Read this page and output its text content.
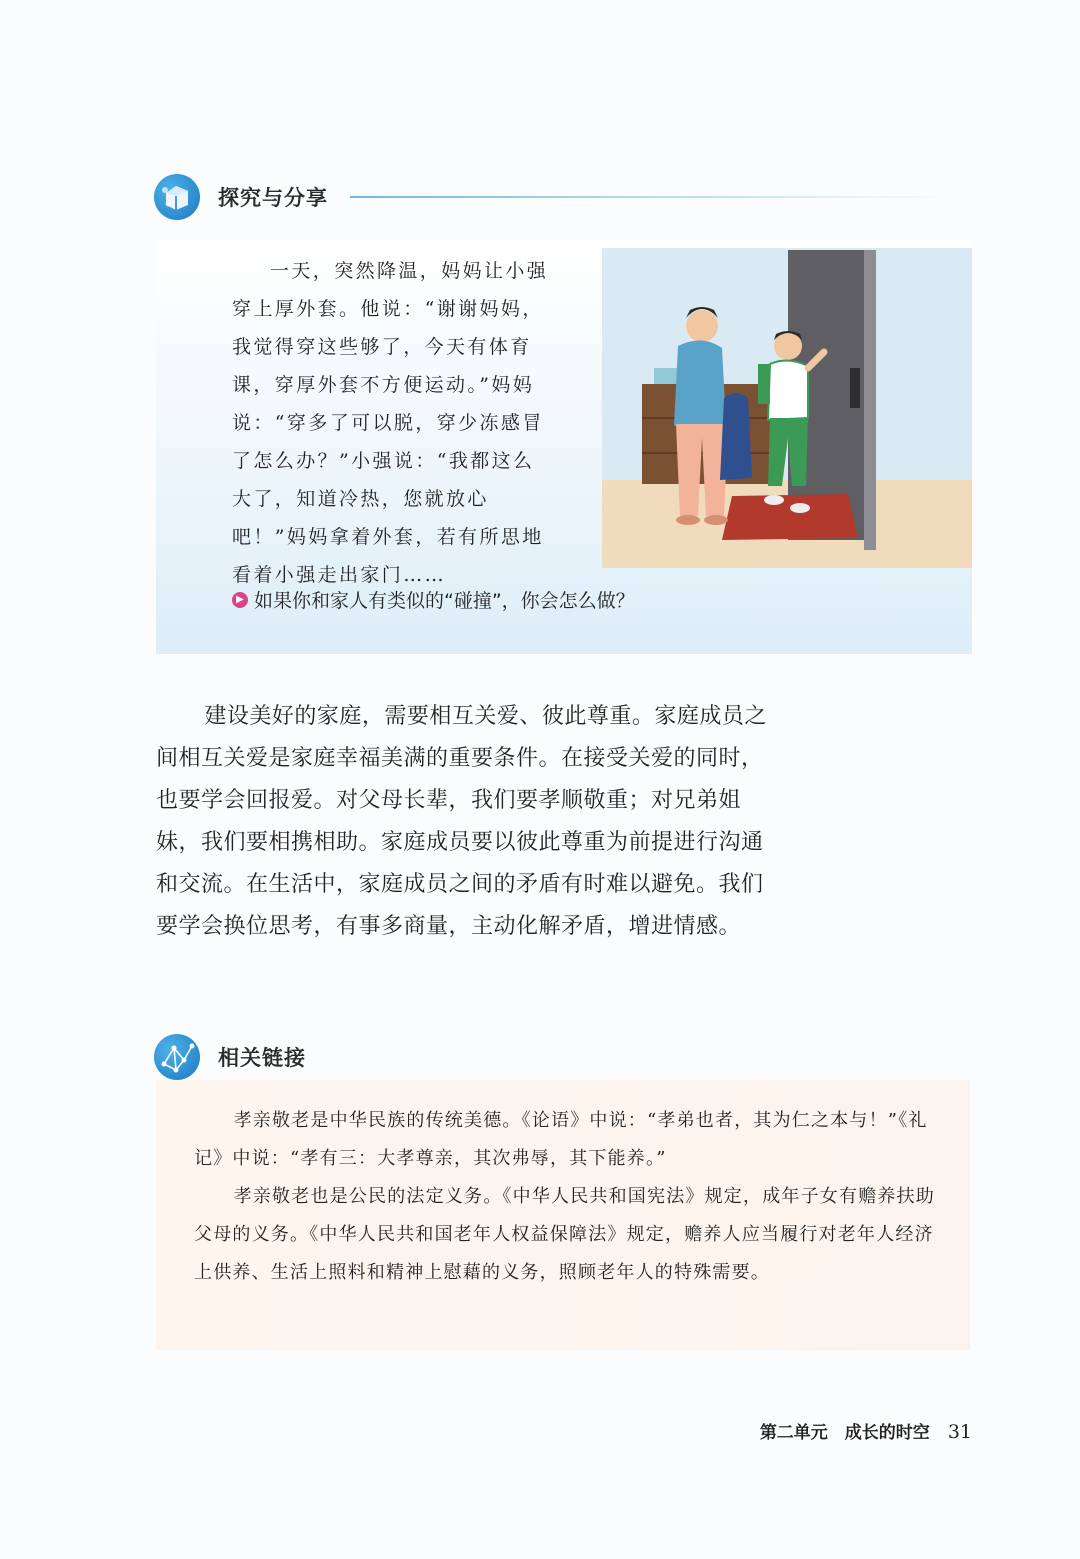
探究与分享

一天，突然降温，妈妈让小强穿上厚外套。他说：“谢谢妈妈，我觉得穿这些够了，今天有体育课，穿厚外套不方便运动。”妈妈说：“穿多了可以脱，穿少冻感冒了怎么办？”小强说：“我都这么大了，知道冷热，您就放心吧！”妈妈拿着外套，若有所思地看着小强走出家门……

▶ 如果你和家人有类似的“碰撞”，你会怎么做？

建设美好的家庭，需要相互关爱、彼此尊重。家庭成员之间相互关爱是家庭幸福美满的重要条件。在接受关爱的同时，也要学会回报爱。对父母长辈，我们要孝顺敬重；对兄弟姐妹，我们要相携相助。家庭成员要以彼此尊重为前提进行沟通和交流。在生活中，家庭成员之间的矛盾有时难以避免。我们要学会换位思考，有事多商量，主动化解矛盾，增进情感。

相关链接

孝亲敬老是中华民族的传统美德。《论语》中说：“孝弟也者，其为仁之本与！”《礼记》中说：“孝有三：大孝尊亲，其次弗辱，其下能养。”

孝亲敬老也是公民的法定义务。《中华人民共和国宪法》规定，成年子女有赡养扶助父母的义务。《中华人民共和国老年人权益保障法》规定，赡养人应当履行对老年人经济上供养、生活上照料和精神上慰藉的义务，照顾老年人的特殊需要。

第二单元　成长的时空 31
